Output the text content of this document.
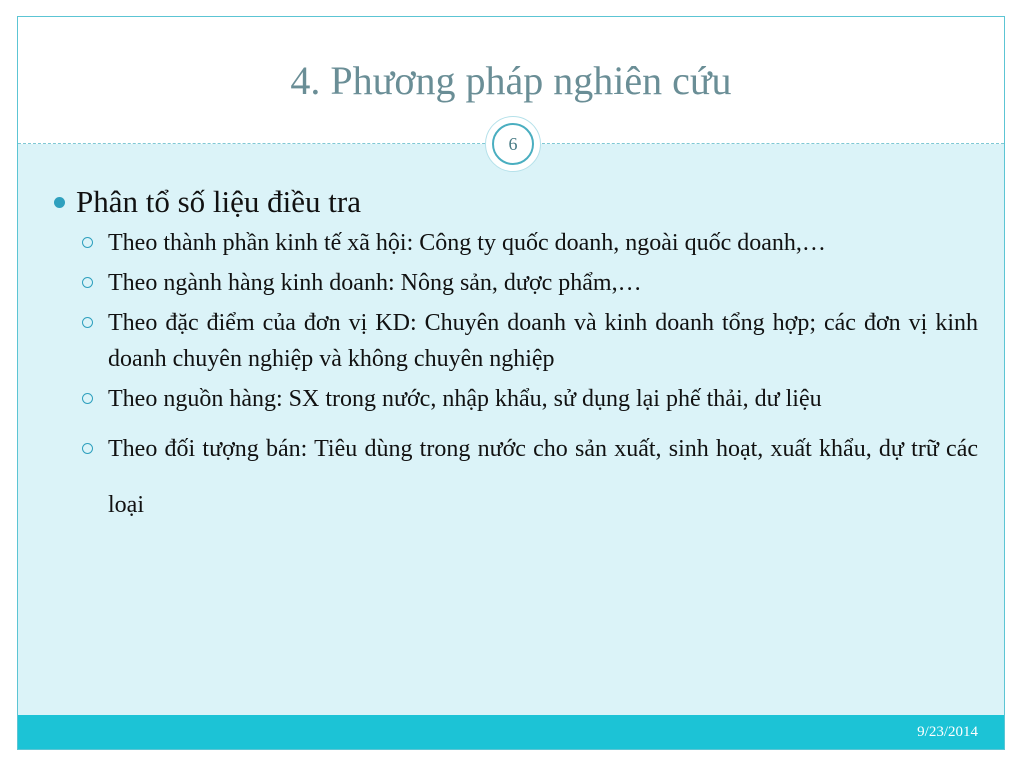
4. Phương pháp nghiên cứu
6
Phân tổ số liệu điều tra
Theo thành phần kinh tế xã hội: Công ty quốc doanh, ngoài quốc doanh,…
Theo ngành hàng kinh doanh: Nông sản, dược phẩm,…
Theo đặc điểm của đơn vị KD: Chuyên doanh và kinh doanh tổng hợp; các đơn vị kinh doanh chuyên nghiệp và không chuyên nghiệp
Theo nguồn hàng: SX trong nước, nhập khẩu, sử dụng lại phế thải, dư liệu
Theo đối tượng bán: Tiêu dùng trong nước cho sản xuất, sinh hoạt, xuất khẩu, dự trữ các loại
9/23/2014
